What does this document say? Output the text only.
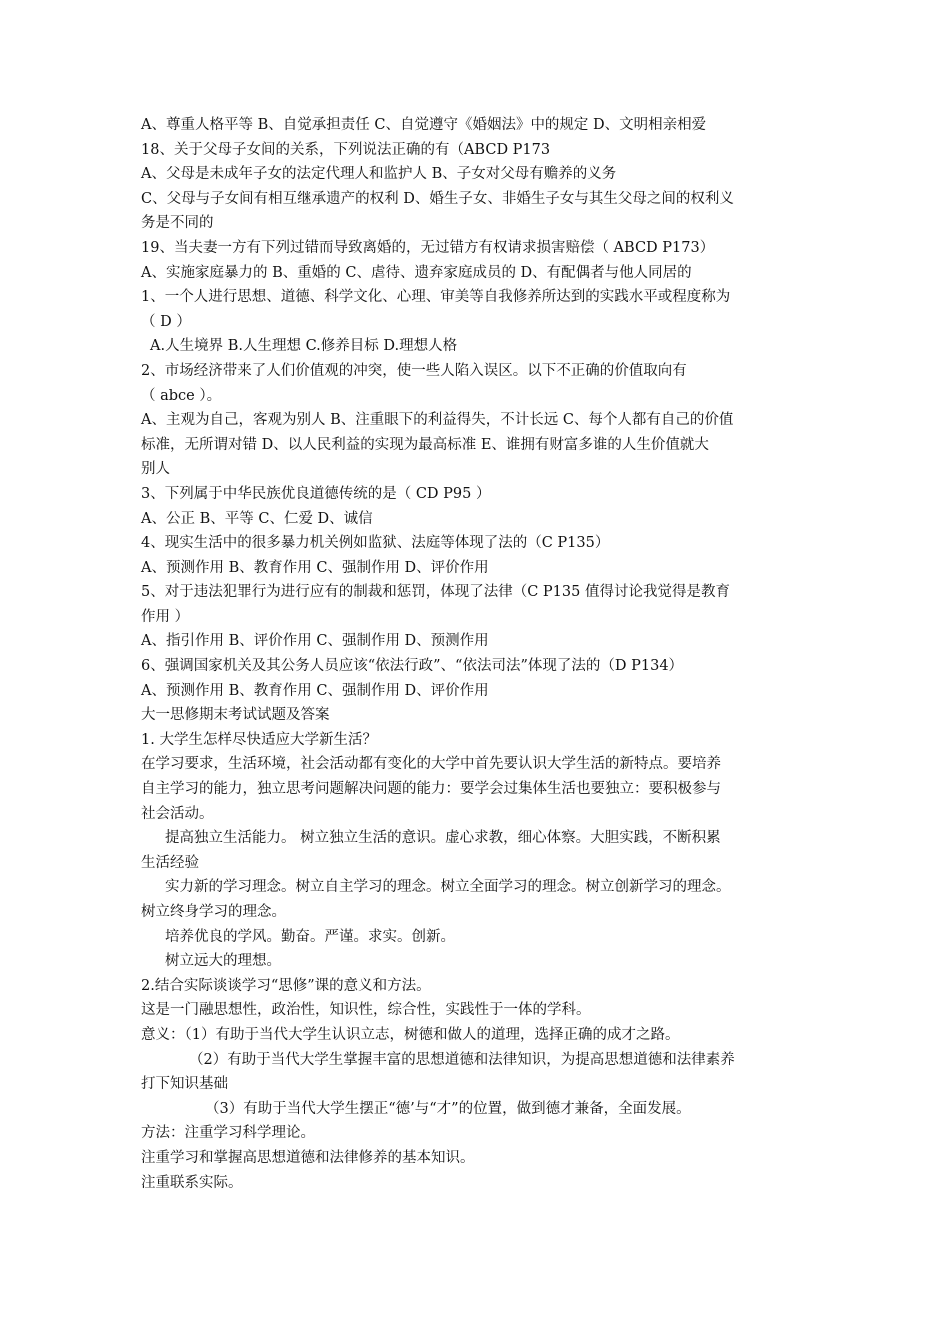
A、尊重人格平等 B、自觉承担责任 C、自觉遵守《婚姻法》中的规定 D、文明相亲相爱
18、关于父母子女间的关系，下列说法正确的有（ABCD P173
A、父母是未成年子女的法定代理人和监护人 B、子女对父母有赡养的义务
C、父母与子女间有相互继承遗产的权利 D、婚生子女、非婚生子女与其生父母之间的权利义
务是不同的
19、当夫妻一方有下列过错而导致离婚的，无过错方有权请求损害赔偿（ ABCD P173）
A、实施家庭暴力的 B、重婚的 C、虐待、遗弃家庭成员的 D、有配偶者与他人同居的
1、一个人进行思想、道德、科学文化、心理、审美等自我修养所达到的实践水平或程度称为
（ D ）
A.人生境界 B.人生理想 C.修养目标 D.理想人格
2、市场经济带来了人们价值观的冲突，使一些人陷入误区。以下不正确的价值取向有
（ abce ）。
A、主观为自己，客观为别人 B、注重眼下的利益得失，不计长远 C、每个人都有自己的价值
标准，无所谓对错 D、以人民利益的实现为最高标准 E、谁拥有财富多谁的人生价值就大
别人
3、下列属于中华民族优良道德传统的是（ CD P95 ）
A、公正 B、平等 C、仁爱 D、诚信
4、现实生活中的很多暴力机关例如监狱、法庭等体现了法的（C P135）
A、预测作用 B、教育作用 C、强制作用 D、评价作用
5、对于违法犯罪行为进行应有的制裁和惩罚，体现了法律（C P135 值得讨论我觉得是教育
作用 ）
A、指引作用 B、评价作用 C、强制作用 D、预测作用
6、强调国家机关及其公务人员应该“依法行政”、“依法司法”体现了法的（D P134）
A、预测作用 B、教育作用 C、强制作用 D、评价作用
大一思修期末考试试题及答案
1. 大学生怎样尽快适应大学新生活？
在学习要求，生活环境，社会活动都有变化的大学中首先要认识大学生活的新特点。要培养
自主学习的能力，独立思考问题解决问题的能力：要学会过集体生活也要独立：要积极参与
社会活动。
提高独立生活能力。 树立独立生活的意识。虚心求教，细心体察。大胆实践，不断积累
生活经验
实力新的学习理念。树立自主学习的理念。树立全面学习的理念。树立创新学习的理念。
树立终身学习的理念。
培养优良的学风。勤奋。严谨。求实。创新。
树立远大的理想。
2.结合实际谈谈学习“思修”课的意义和方法。
这是一门融思想性，政治性，知识性，综合性，实践性于一体的学科。
意义：（1）有助于当代大学生认识立志，树德和做人的道理，选择正确的成才之路。
（2）有助于当代大学生掌握丰富的思想道德和法律知识，为提高思想道德和法律素养
打下知识基础
（3）有助于当代大学生摆正“德’与“才”的位置，做到德才兼备，全面发展。
方法：注重学习科学理论。
注重学习和掌握高思想道德和法律修养的基本知识。
注重联系实际。
